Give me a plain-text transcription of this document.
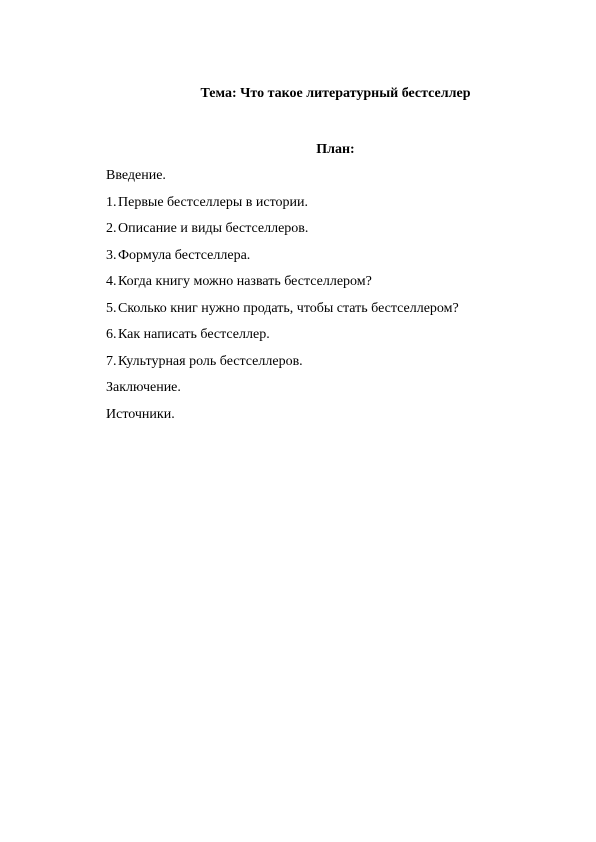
Тема: Что такое литературный бестселлер
План:
Введение.
1. Первые бестселлеры в истории.
2. Описание и виды бестселлеров.
3. Формула бестселлера.
4. Когда книгу можно назвать бестселлером?
5. Сколько книг нужно продать, чтобы стать бестселлером?
6. Как написать бестселлер.
7. Культурная роль бестселлеров.
Заключение.
Источники.
